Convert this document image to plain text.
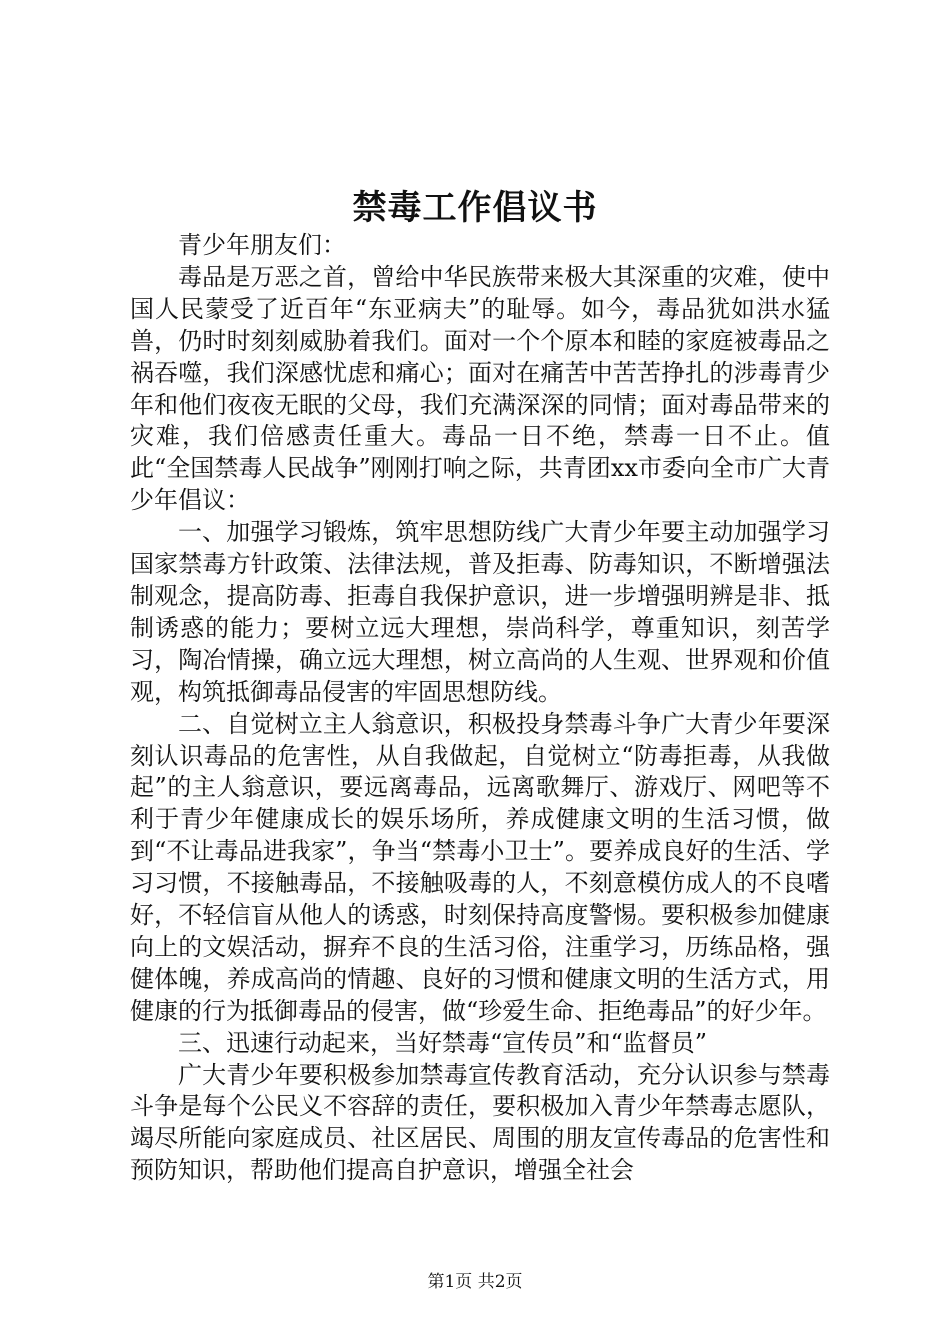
禁毒工作倡议书

青少年朋友们：

毒品是万恶之首，曾给中华民族带来极大其深重的灾难，使中国人民蒙受了近百年“东亚病夫”的耻辱。如今，毒品犹如洪水猛兽，仍时时刻刻威胁着我们。面对一个个原本和睦的家庭被毒品之祸吞噬，我们深感忧虑和痛心；面对在痛苦中苦苦挣扎的涉毒青少年和他们夜夜无眠的父母，我们充满深深的同情；面对毒品带来的灾难，我们倍感责任重大。毒品一日不绝，禁毒一日不止。值此“全国禁毒人民战争”刚刚打响之际，共青团xx市委向全市广大青少年倡议：

一、加强学习锻炼，筑牢思想防线广大青少年要主动加强学习国家禁毒方针政策、法律法规，普及拒毒、防毒知识，不断增强法制观念，提高防毒、拒毒自我保护意识，进一步增强明辨是非、抵制诱惑的能力；要树立远大理想，崇尚科学，尊重知识，刻苦学习，陶冶情操，确立远大理想，树立高尚的人生观、世界观和价值观，构筑抵御毒品侵害的牢固思想防线。

二、自觉树立主人翁意识，积极投身禁毒斗争广大青少年要深刻认识毒品的危害性，从自我做起，自觉树立“防毒拒毒，从我做起”的主人翁意识，要远离毒品，远离歌舞厅、游戏厅、网吧等不利于青少年健康成长的娱乐场所，养成健康文明的生活习惯，做到“不让毒品进我家”，争当“禁毒小卫士”。要养成良好的生活、学习习惯，不接触毒品，不接触吸毒的人，不刻意模仿成人的不良嗜好，不轻信盲从他人的诱惑，时刻保持高度警惕。要积极参加健康向上的文娱活动，摒弃不良的生活习俗，注重学习，历练品格，强健体魄，养成高尚的情趣、良好的习惯和健康文明的生活方式，用健康的行为抵御毒品的侵害，做“珍爱生命、拒绝毒品”的好少年。

三、迅速行动起来，当好禁毒“宣传员”和“监督员”

广大青少年要积极参加禁毒宣传教育活动，充分认识参与禁毒斗争是每个公民义不容辞的责任，要积极加入青少年禁毒志愿队，竭尽所能向家庭成员、社区居民、周围的朋友宣传毒品的危害性和预防知识，帮助他们提高自护意识，增强全社会

第1页 共2页
